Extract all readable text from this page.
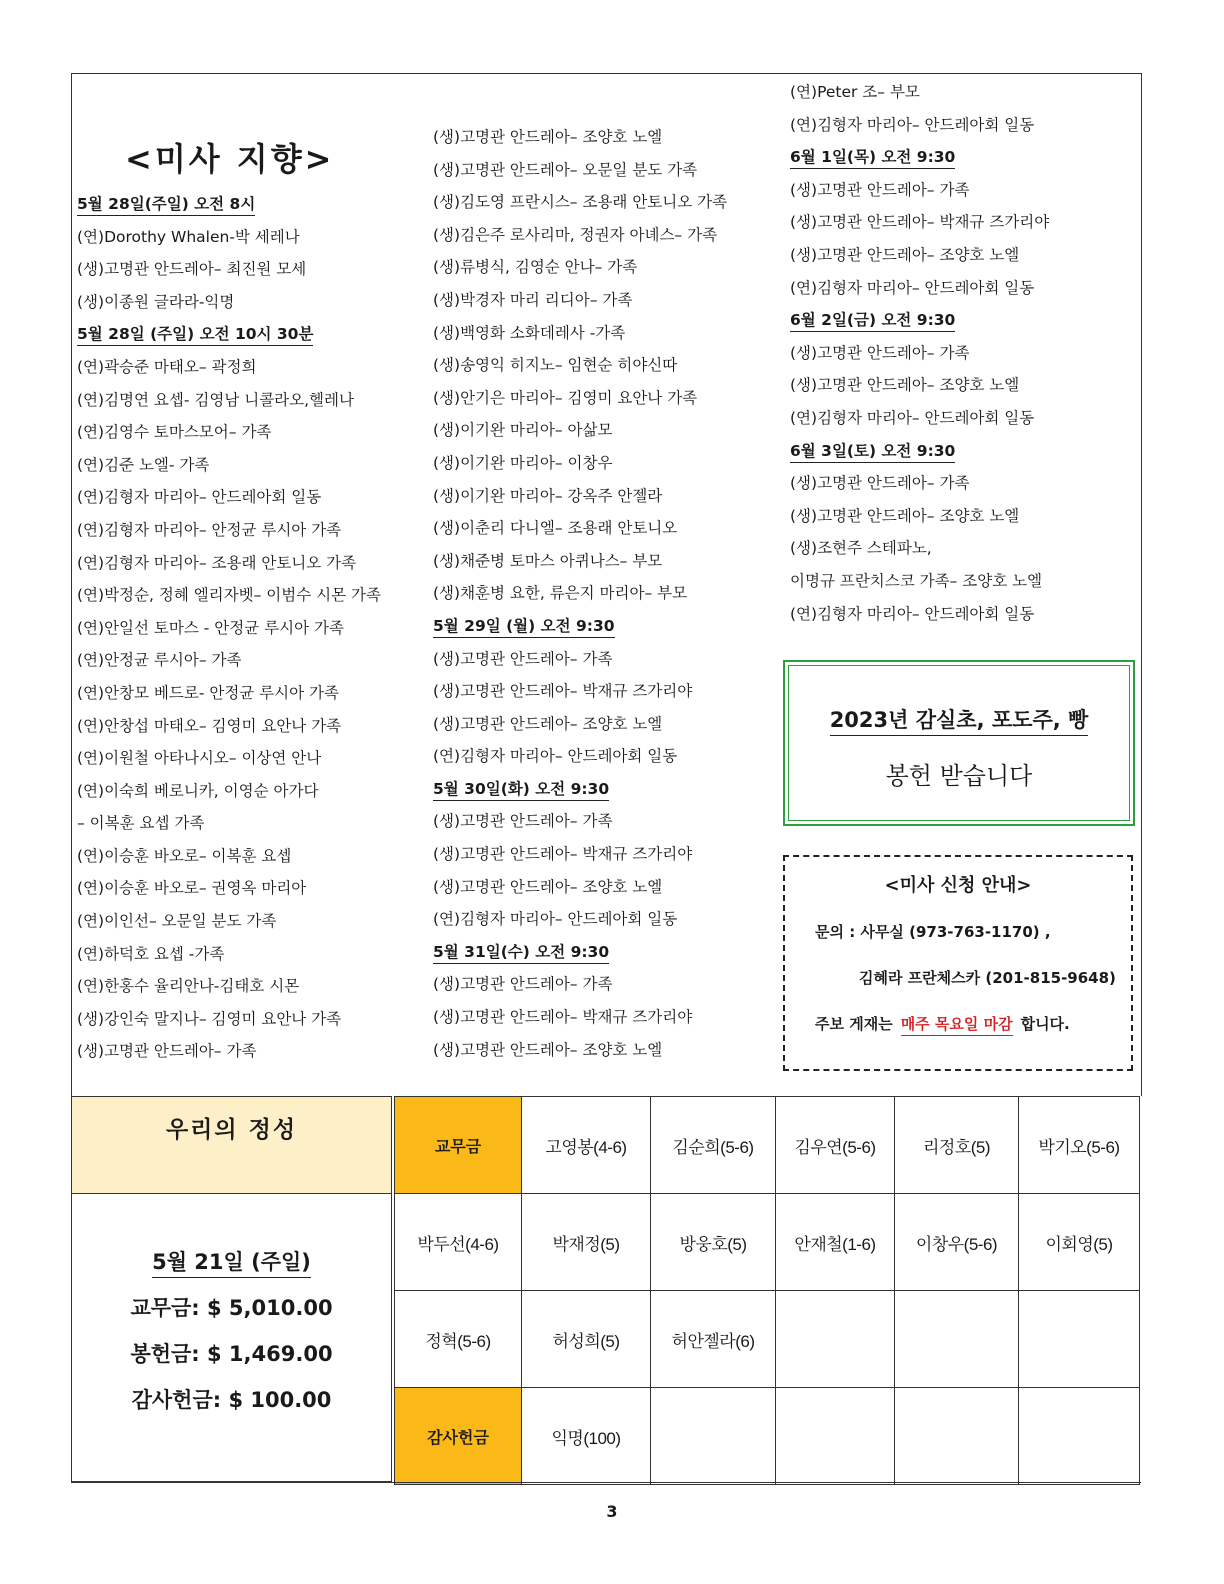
<미사 지향>
5월 28일(주일) 오전 8시
(연)Dorothy Whalen-박 세레나
(생)고명관 안드레아– 최진원 모세
(생)이종원 글라라-익명
5월 28일 (주일) 오전 10시 30분
(연)곽승준 마태오– 곽정희
(연)김명연 요셉- 김영남 니콜라오,헬레나
(연)김영수 토마스모어– 가족
(연)김준 노엘- 가족
(연)김형자 마리아– 안드레아회 일동
(연)김형자 마리아– 안정균 루시아 가족
(연)김형자 마리아– 조용래 안토니오 가족
(연)박정순, 정혜 엘리자벳– 이범수 시몬 가족
(연)안일선 토마스 - 안정균 루시아 가족
(연)안정균 루시아– 가족
(연)안창모 베드로- 안정균 루시아 가족
(연)안창섭 마태오– 김영미 요안나 가족
(연)이원철 아타나시오– 이상연 안나
(연)이숙희 베로니카, 이영순 아가다
– 이복훈 요셉 가족
(연)이승훈 바오로– 이복훈 요셉
(연)이승훈 바오로– 권영옥 마리아
(연)이인선– 오문일 분도 가족
(연)하덕호 요셉 -가족
(연)한홍수 율리안나-김태호 시몬
(생)강인숙 말지나– 김영미 요안나 가족
(생)고명관 안드레아– 가족
(생)고명관 안드레아– 조양호 노엘
(생)고명관 안드레아– 오문일 분도 가족
(생)김도영 프란시스– 조용래 안토니오 가족
(생)김은주 로사리마, 정권자 아녜스– 가족
(생)류병식, 김영순 안나– 가족
(생)박경자 마리 리디아– 가족
(생)백영화 소화데레사 -가족
(생)송영익 히지노– 임현순 히야신따
(생)안기은 마리아– 김영미 요안나 가족
(생)이기완 마리아– 아삶모
(생)이기완 마리아– 이창우
(생)이기완 마리아– 강옥주 안젤라
(생)이춘리 다니엘– 조용래 안토니오
(생)채준병 토마스 아퀴나스– 부모
(생)채훈병 요한, 류은지 마리아– 부모
5월 29일 (월) 오전 9:30
(생)고명관 안드레아– 가족
(생)고명관 안드레아– 박재규 즈가리야
(생)고명관 안드레아– 조양호 노엘
(연)김형자 마리아– 안드레아회 일동
5월 30일(화) 오전 9:30
(생)고명관 안드레아– 가족
(생)고명관 안드레아– 박재규 즈가리야
(생)고명관 안드레아– 조양호 노엘
(연)김형자 마리아– 안드레아회 일동
5월 31일(수) 오전 9:30
(생)고명관 안드레아– 가족
(생)고명관 안드레아– 박재규 즈가리야
(생)고명관 안드레아– 조양호 노엘
(연)Peter 조– 부모
(연)김형자 마리아– 안드레아회 일동
6월 1일(목) 오전 9:30
(생)고명관 안드레아– 가족
(생)고명관 안드레아– 박재규 즈가리야
(생)고명관 안드레아– 조양호 노엘
(연)김형자 마리아– 안드레아회 일동
6월 2일(금) 오전 9:30
(생)고명관 안드레아– 가족
(생)고명관 안드레아– 조양호 노엘
(연)김형자 마리아– 안드레아회 일동
6월 3일(토) 오전 9:30
(생)고명관 안드레아– 가족
(생)고명관 안드레아– 조양호 노엘
(생)조현주 스테파노,
이명규 프란치스코 가족– 조양호 노엘
(연)김형자 마리아– 안드레아회 일동
2023년 감실초, 포도주, 빵
봉헌 받습니다
<미사 신청 안내>
문의 : 사무실 (973-763-1170) ,
김혜라 프란체스카 (201-815-9648)
주보 게재는 매주 목요일 마감 합니다.
우리의 정성
5월 21일 (주일)
교무금: $ 5,010.00
봉헌금: $ 1,469.00
감사헌금: $ 100.00
교무금	고영봉(4-6)	김순희(5-6)	김우연(5-6)	리정호(5)	박기오(5-6)
박두선(4-6)	박재정(5)	방웅호(5)	안재철(1-6)	이창우(5-6)	이회영(5)
정혁(5-6)	허성희(5)	허안젤라(6)			
감사헌금	익명(100)				
3
